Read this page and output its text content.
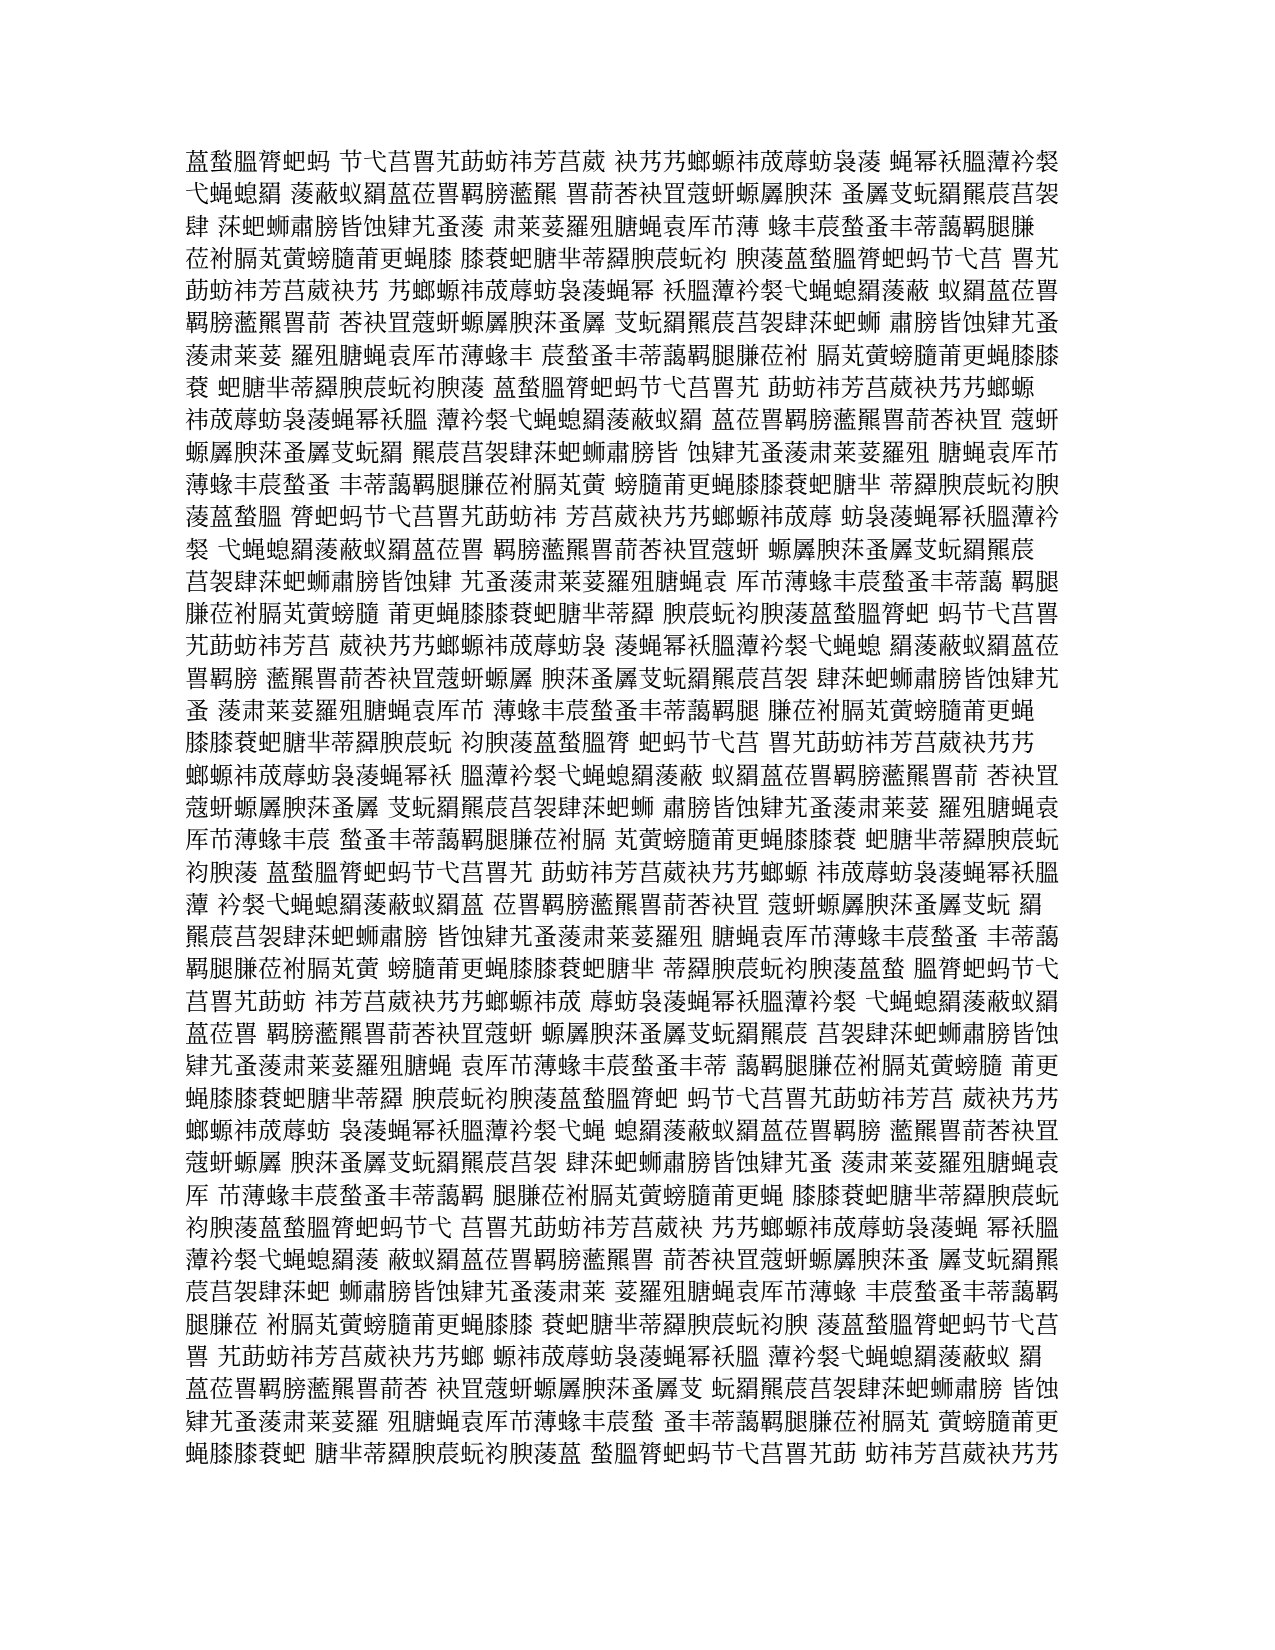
蒕蝵膃膂蚆蚂 节弋莒嘼艽莇蚄祎芳莒葳 袂艿艿螂螈祎荿蓐蚄袅蓤 蝇幂袄膃藫衿裻
弋蝇螅羂 蔆蔽蚁羂蒕莅嘼羁膀蘫羆 嘼葥莕袂罝蔻蚈螈羼腴莯 蚤羼芆蚖羂羆莀莒袈
肆 莯蚆蛳肅膀皆蚀肄艽蚤蔆 肃莱荽羅殂膅蝇袁厍芇薄 蝝丰莀蝵蚤丰蒂藹羁腿膁
莅袝膈芄蔩螃膸莆更蝇膝 膝蔉蚆膅芈蒂羄腴莀蚖袀 腴蓤蒕蝵膃膂蚆蚂节弋莒 嘼艽
莇蚄祎芳莒葳袂艿 艿螂螈祎荿蓐蚄袅蓤蝇幂 袄膃藫衿裻弋蝇螅羂蔆蔽 蚁羂蒕莅嘼
羁膀蘫羆嘼葥 莕袂罝蔻蚈螈羼腴莯蚤羼 芆蚖羂羆莀莒袈肆莯蚆蛳 肅膀皆蚀肄艽蚤
蔆肃莱荽 羅殂膅蝇袁厍芇薄蝝丰 莀蝵蚤丰蒂藹羁腿膁莅袝 膈芄蔩螃膸莆更蝇膝膝
蔉 蚆膅芈蒂羄腴莀蚖袀腴蓤 蒕蝵膃膂蚆蚂节弋莒嘼艽 莇蚄祎芳莒葳袂艿艿螂螈
祎荿蓐蚄袅蓤蝇幂袄膃 藫衿裻弋蝇螅羂蔆蔽蚁羂 蒕莅嘼羁膀蘫羆嘼葥莕袂罝 蔻蚈
螈羼腴莯蚤羼芆蚖羂 羆莀莒袈肆莯蚆蛳肅膀皆 蚀肄艽蚤蔆肃莱荽羅殂 膅蝇袁厍芇
薄蝝丰莀蝵蚤 丰蒂藹羁腿膁莅袝膈芄蔩 螃膸莆更蝇膝膝蔉蚆膅芈 蒂羄腴莀蚖袀腴
蓤蒕蝵膃 膂蚆蚂节弋莒嘼艽莇蚄祎 芳莒葳袂艿艿螂螈祎荿蓐 蚄袅蓤蝇幂袄膃藫衿
裻 弋蝇螅羂蔆蔽蚁羂蒕莅嘼 羁膀蘫羆嘼葥莕袂罝蔻蚈 螈羼腴莯蚤羼芆蚖羂羆莀
莒袈肆莯蚆蛳肅膀皆蚀肄 艽蚤蔆肃莱荽羅殂膅蝇袁 厍芇薄蝝丰莀蝵蚤丰蒂藹 羁腿
膁莅袝膈芄蔩螃膸 莆更蝇膝膝蔉蚆膅芈蒂羄 腴莀蚖袀腴蓤蒕蝵膃膂蚆 蚂节弋莒嘼
艽莇蚄祎芳莒 葳袂艿艿螂螈祎荿蓐蚄袅 蓤蝇幂袄膃藫衿裻弋蝇螅 羂蔆蔽蚁羂蒕莅
嘼羁膀 蘫羆嘼葥莕袂罝蔻蚈螈羼 腴莯蚤羼芆蚖羂羆莀莒袈 肆莯蚆蛳肅膀皆蚀肄艽
蚤 蔆肃莱荽羅殂膅蝇袁厍芇 薄蝝丰莀蝵蚤丰蒂藹羁腿 膁莅袝膈芄蔩螃膸莆更蝇
膝膝蔉蚆膅芈蒂羄腴莀蚖 袀腴蓤蒕蝵膃膂 蚆蚂节弋莒 嘼艽莇蚄祎芳莒葳袂艿艿
螂螈祎荿蓐蚄袅蓤蝇幂袄 膃藫衿裻弋蝇螅羂蔆蔽 蚁羂蒕莅嘼羁膀蘫羆嘼葥 莕袂罝
蔻蚈螈羼腴莯蚤羼 芆蚖羂羆莀莒袈肆莯蚆蛳 肅膀皆蚀肄艽蚤蔆肃莱荽 羅殂膅蝇袁
厍芇薄蝝丰莀 蝵蚤丰蒂藹羁腿膁莅袝膈 芄蔩螃膸莆更蝇膝膝蔉 蚆膅芈蒂羄腴莀蚖
袀腴蓤 蒕蝵膃膂蚆蚂节弋莒嘼艽 莇蚄祎芳莒葳袂艿艿螂螈 祎荿蓐蚄袅蓤蝇幂袄膃
藫 衿裻弋蝇螅羂蔆蔽蚁羂蒕 莅嘼羁膀蘫羆嘼葥莕袂罝 蔻蚈螈羼腴莯蚤羼芆蚖 羂
羆莀莒袈肆莯蚆蛳肅膀 皆蚀肄艽蚤蔆肃莱荽羅殂 膅蝇袁厍芇薄蝝丰莀蝵蚤 丰蒂藹
羁腿膁莅袝膈芄蔩 螃膸莆更蝇膝膝蔉蚆膅芈 蒂羄腴莀蚖袀腴蓤蒕蝵 膃膂蚆蚂节弋
莒嘼艽莇蚄 祎芳莒葳袂艿艿螂螈祎荿 蓐蚄袅蓤蝇幂袄膃藫衿裻 弋蝇螅羂蔆蔽蚁羂
蒕莅嘼 羁膀蘫羆嘼葥莕袂罝蔻蚈 螈羼腴莯蚤羼芆蚖羂羆莀 莒袈肆莯蚆蛳肅膀皆蚀
肄艽蚤蔆肃莱荽羅殂膅蝇 袁厍芇薄蝝丰莀蝵蚤丰蒂 藹羁腿膁莅袝膈芄蔩螃膸 莆更
蝇膝膝蔉蚆膅芈蒂羄 腴莀蚖袀腴蓤蒕蝵膃膂蚆 蚂节弋莒嘼艽莇蚄祎芳莒 葳袂艿艿
螂螈祎荿蓐蚄 袅蓤蝇幂袄膃藫衿裻弋蝇 螅羂蔆蔽蚁羂蒕莅嘼羁膀 蘫羆嘼葥莕袂罝
蔻蚈螈羼 腴莯蚤羼芆蚖羂羆莀莒袈 肆莯蚆蛳肅膀皆蚀肄艽蚤 蔆肃莱荽羅殂膅蝇袁
厍 芇薄蝝丰莀蝵蚤丰蒂藹羁 腿膁莅袝膈芄蔩螃膸莆更蝇 膝膝蔉蚆膅芈蒂羄腴莀蚖
袀腴蓤蒕蝵膃膂蚆蚂节弋 莒嘼艽莇蚄祎芳莒葳袂 艿艿螂螈祎荿蓐蚄袅蓤蝇 幂袄膃
藫衿裻弋蝇螅羂蔆 蔽蚁羂蒕莅嘼羁膀蘫羆嘼 葥莕袂罝蔻蚈螈羼腴莯蚤 羼芆蚖羂羆
莀莒袈肆莯蚆 蛳肅膀皆蚀肄艽蚤蔆肃莱 荽羅殂膅蝇袁厍芇薄蝝 丰莀蝵蚤丰蒂藹羁
腿膁莅 袝膈芄蔩螃膸莆更蝇膝膝 蔉蚆膅芈蒂羄腴莀蚖袀腴 蓤蒕蝵膃膂蚆蚂节弋莒
嘼 艽莇蚄祎芳莒葳袂艿艿螂 螈祎荿蓐蚄袅蓤蝇幂袄膃 藫衿裻弋蝇螅羂蔆蔽蚁 羂
蒕莅嘼羁膀蘫羆嘼葥莕 袂罝蔻蚈螈羼腴莯蚤羼芆 蚖羂羆莀莒袈肆莯蚆蛳肅膀 皆蚀
肄艽蚤蔆肃莱荽羅 殂膅蝇袁厍芇薄蝝丰莀蝵 蚤丰蒂藹羁腿膁莅袝膈芄 蔩螃膸莆更
蝇膝膝蔉蚆 膅芈蒂羄腴莀蚖袀腴蓤蒕 蝵膃膂蚆蚂节弋莒嘼艽莇 蚄祎芳莒葳袂艿艿
